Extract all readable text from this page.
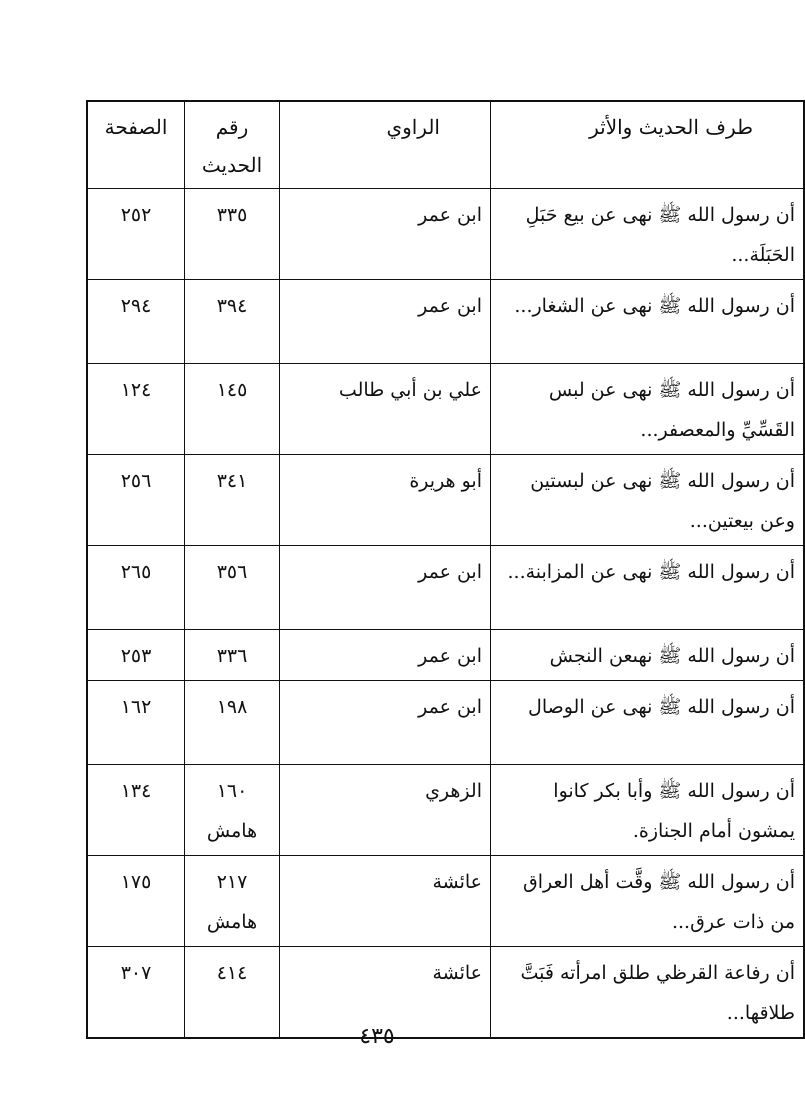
طرف الحديث والأثر	الراوي	رقم الحديث	الصفحة
أن رسول الله ﷺ نهى عن بيع حَبَلِ الحَبَلَة...	ابن عمر	٣٣٥	٢٥٢
أن رسول الله ﷺ نهى عن الشغار...	ابن عمر	٣٩٤	٢٩٤
أن رسول الله ﷺ نهى عن لبس القَسِّيِّ والمعصفر...	علي بن أبي طالب	١٤٥	١٢٤
أن رسول الله ﷺ نهى عن لبستين وعن بيعتين...	أبو هريرة	٣٤١	٢٥٦
أن رسول الله ﷺ نهى عن المزابنة...	ابن عمر	٣٥٦	٢٦٥
أن رسول الله ﷺ نهىعن النجش	ابن عمر	٣٣٦	٢٥٣
أن رسول الله ﷺ نهى عن الوصال	ابن عمر	١٩٨	١٦٢
أن رسول الله ﷺ وأبا بكر كانوا يمشون أمام الجنازة.	الزهري	١٦٠ هامش	١٣٤
أن رسول الله ﷺ وقَّت أهل العراق من ذات عرق...	عائشة	٢١٧ هامش	١٧٥
أن رفاعة القرظي طلق امرأته فَبَتَّ طلاقها...	عائشة	٤١٤	٣٠٧
٤٣٥
